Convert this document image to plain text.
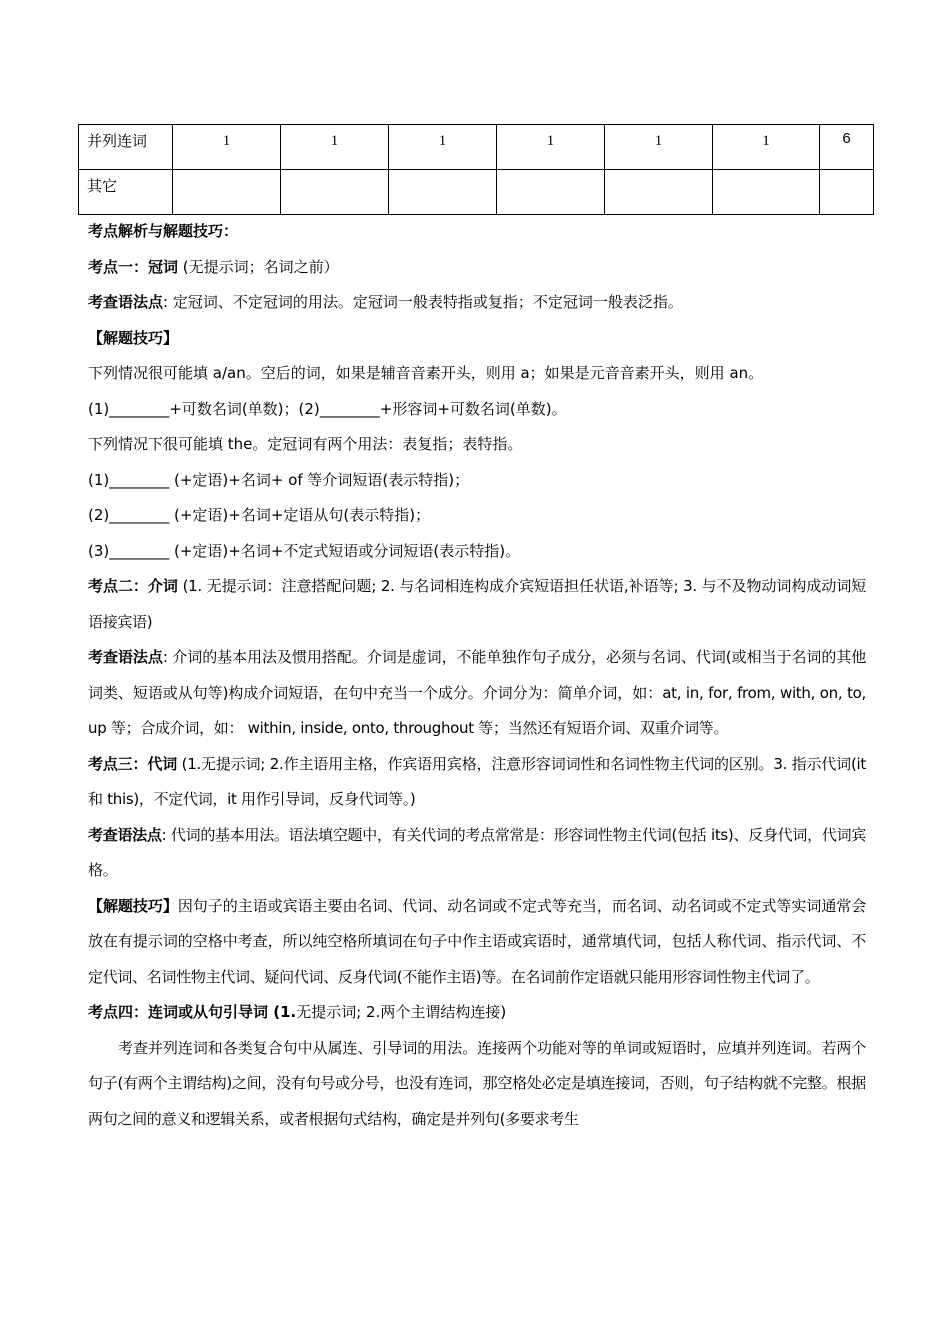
并列连词	1	1	1	1	1	1	6

其它							

考点解析与解题技巧：

考点一：冠词 (无提示词；名词之前）

考查语法点: 定冠词、不定冠词的用法。定冠词一般表特指或复指；不定冠词一般表泛指。

【解题技巧】

下列情况很可能填 a/an。空后的词，如果是辅音音素开头，则用 a；如果是元音音素开头，则用 an。

(1)________+可数名词(单数)；(2)________+形容词+可数名词(单数)。

下列情况下很可能填 the。定冠词有两个用法：表复指；表特指。

(1)________ (+定语)+名词+ of 等介词短语(表示特指)；

(2)________ (+定语)+名词+定语从句(表示特指)；

(3)________ (+定语)+名词+不定式短语或分词短语(表示特指)。

考点二：介词 (1. 无提示词：注意搭配问题; 2. 与名词相连构成介宾短语担任状语,补语等; 3. 与不及物动词构成动词短语接宾语)

考查语法点: 介词的基本用法及惯用搭配。介词是虚词，不能单独作句子成分，必须与名词、代词(或相当于名词的其他词类、短语或从句等)构成介词短语，在句中充当一个成分。介词分为：简单介词，如：at, in, for, from, with, on, to, up 等；合成介词，如： within, inside, onto, throughout 等；当然还有短语介词、双重介词等。

考点三：代词 (1.无提示词; 2.作主语用主格，作宾语用宾格，注意形容词词性和名词性物主代词的区别。3. 指示代词(it 和 this)，不定代词，it 用作引导词，反身代词等。)

考查语法点: 代词的基本用法。语法填空题中，有关代词的考点常常是：形容词性物主代词(包括 its)、反身代词，代词宾格。

【解题技巧】因句子的主语或宾语主要由名词、代词、动名词或不定式等充当，而名词、动名词或不定式等实词通常会放在有提示词的空格中考查，所以纯空格所填词在句子中作主语或宾语时，通常填代词，包括人称代词、指示代词、不定代词、名词性物主代词、疑问代词、反身代词(不能作主语)等。在名词前作定语就只能用形容词性物主代词了。

考点四：连词或从句引导词 (1.无提示词; 2.两个主谓结构连接)

考查并列连词和各类复合句中从属连、引导词的用法。连接两个功能对等的单词或短语时，应填并列连词。若两个句子(有两个主谓结构)之间，没有句号或分号，也没有连词，那空格处必定是填连接词，否则，句子结构就不完整。根据两句之间的意义和逻辑关系，或者根据句式结构，确定是并列句(多要求考生
